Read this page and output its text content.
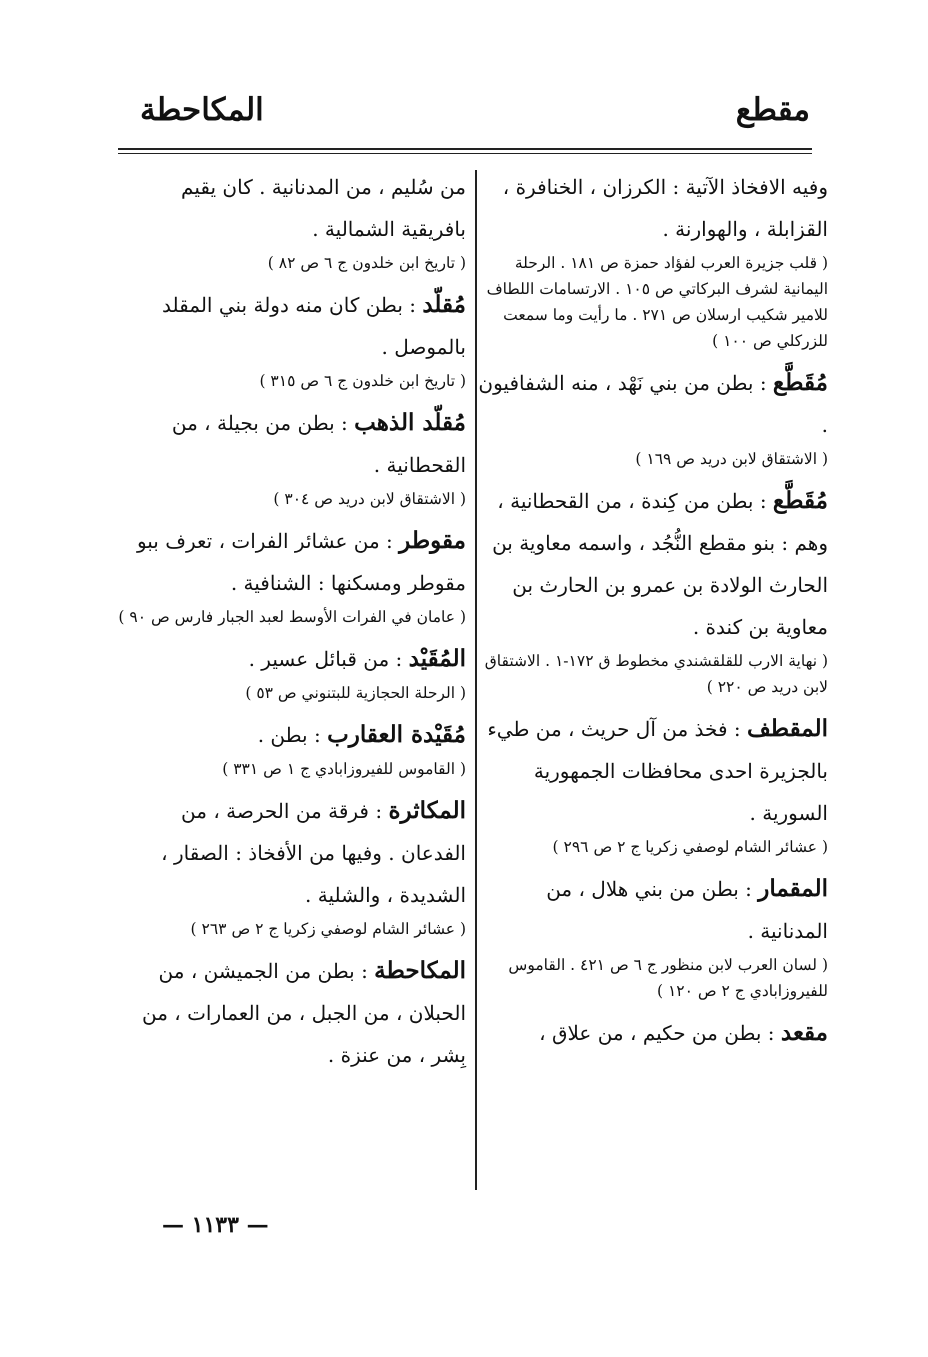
مقطع
المكاحطة

وفيه الافخاذ الآتية : الكرزان ، الخنافرة ، القزابلة ، والهوارنة .

( قلب جزيرة العرب لفؤاد حمزة ص ١٨١ . الرحلة اليمانية لشرف البركاتي ص ١٠٥ . الارتسامات اللطاف للامير شكيب ارسلان ص ٢٧١ . ما رأيت وما سمعت للزركلي ص ١٠٠ )

مُقَطَّع : بطن من بني نَهْد ، منه الشفافيون .

( الاشتقاق لابن دريد ص ١٦٩ )

مُقَطَّع : بطن من كِندة ، من القحطانية ، وهم : بنو مقطع النُّجُد ، واسمه معاوية بن الحارث الولادة بن عمرو بن الحارث بن معاوية بن كندة .

( نهاية الارب للقلقشندي مخطوط ق ١٧٢-١ . الاشتقاق لابن دريد ص ٢٢٠ )

المقطف : فخذ من آل حريث ، من طيء بالجزيرة احدى محافظات الجمهورية السورية .

( عشائر الشام لوصفي زكريا ج ٢ ص ٢٩٦ )

المقمار : بطن من بني هلال ، من المدنانية .

( لسان العرب لابن منظور ج ٦ ص ٤٢١ . القاموس للفيروزابادي ج ٢ ص ١٢٠ )

مقعد : بطن من حكيم ، من علاق ،

من سُليم ، من المدنانية . كان يقيم بافريقية الشمالية .

( تاريخ ابن خلدون ج ٦ ص ٨٢ )

مُقلّد : بطن كان منه دولة بني المقلد بالموصل .

( تاريخ ابن خلدون ج ٦ ص ٣١٥ )

مُقلّد الذهب : بطن من بجيلة ، من القحطانية .

( الاشتقاق لابن دريد ص ٣٠٤ )

مقوطر : من عشائر الفرات ، تعرف ببو مقوطر ومسكنها : الشنافية .

( عامان في الفرات الأوسط لعبد الجبار فارس ص ٩٠ )

المُقَيْد : من قبائل عسير .

( الرحلة الحجازية للبتنوني ص ٥٣ )

مُقَيْدة العقارب : بطن .

( القاموس للفيروزابادي ج ١ ص ٣٣١ )

المكاثرة : فرقة من الحرصة ، من الفدعان . وفيها من الأفخاذ : الصقار ، الشديدة ، والشلية .

( عشائر الشام لوصفي زكريا ج ٢ ص ٢٦٣ )

المكاحطة : بطن من الجميشن ، من الحبلان ، من الجبل ، من العمارات ، من بِشر ، من عنزة .

— ١١٣٣ —
